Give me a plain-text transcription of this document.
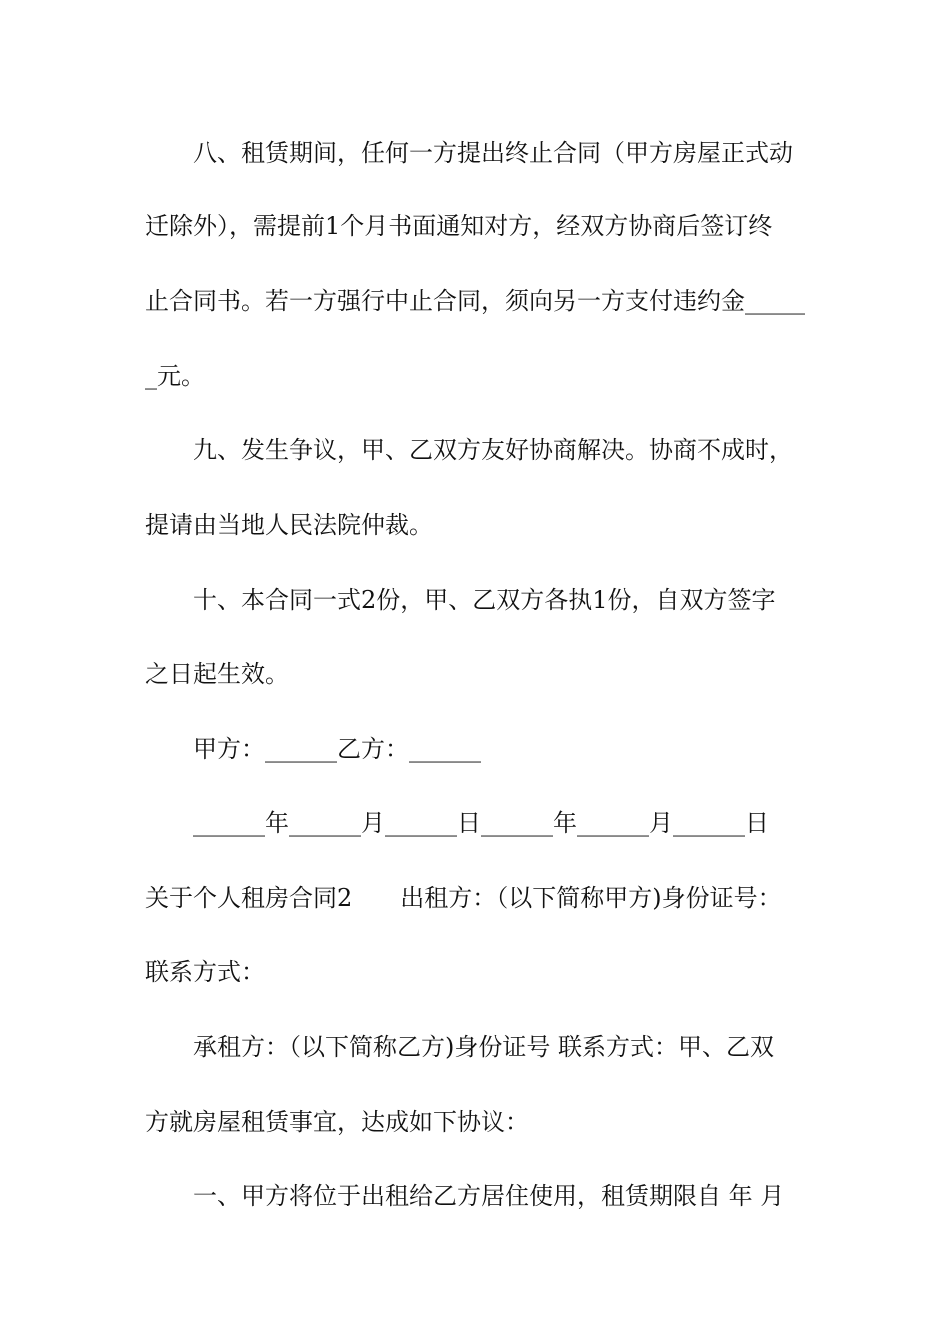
八、租赁期间，任何一方提出终止合同（甲方房屋正式动
迁除外），需提前1个月书面通知对方，经双方协商后签订终
止合同书。若一方强行中止合同，须向另一方支付违约金_____
_元。
九、发生争议，甲、乙双方友好协商解决。协商不成时，
提请由当地人民法院仲裁。
十、本合同一式2份，甲、乙双方各执1份，自双方签字
之日起生效。
甲方：______乙方：______
______年______月______日______年______月______日
关于个人租房合同2　　出租方：（以下简称甲方)身份证号：
联系方式：
承租方：（以下简称乙方)身份证号 联系方式：甲、乙双
方就房屋租赁事宜，达成如下协议：
一、甲方将位于出租给乙方居住使用，租赁期限自 年 月
